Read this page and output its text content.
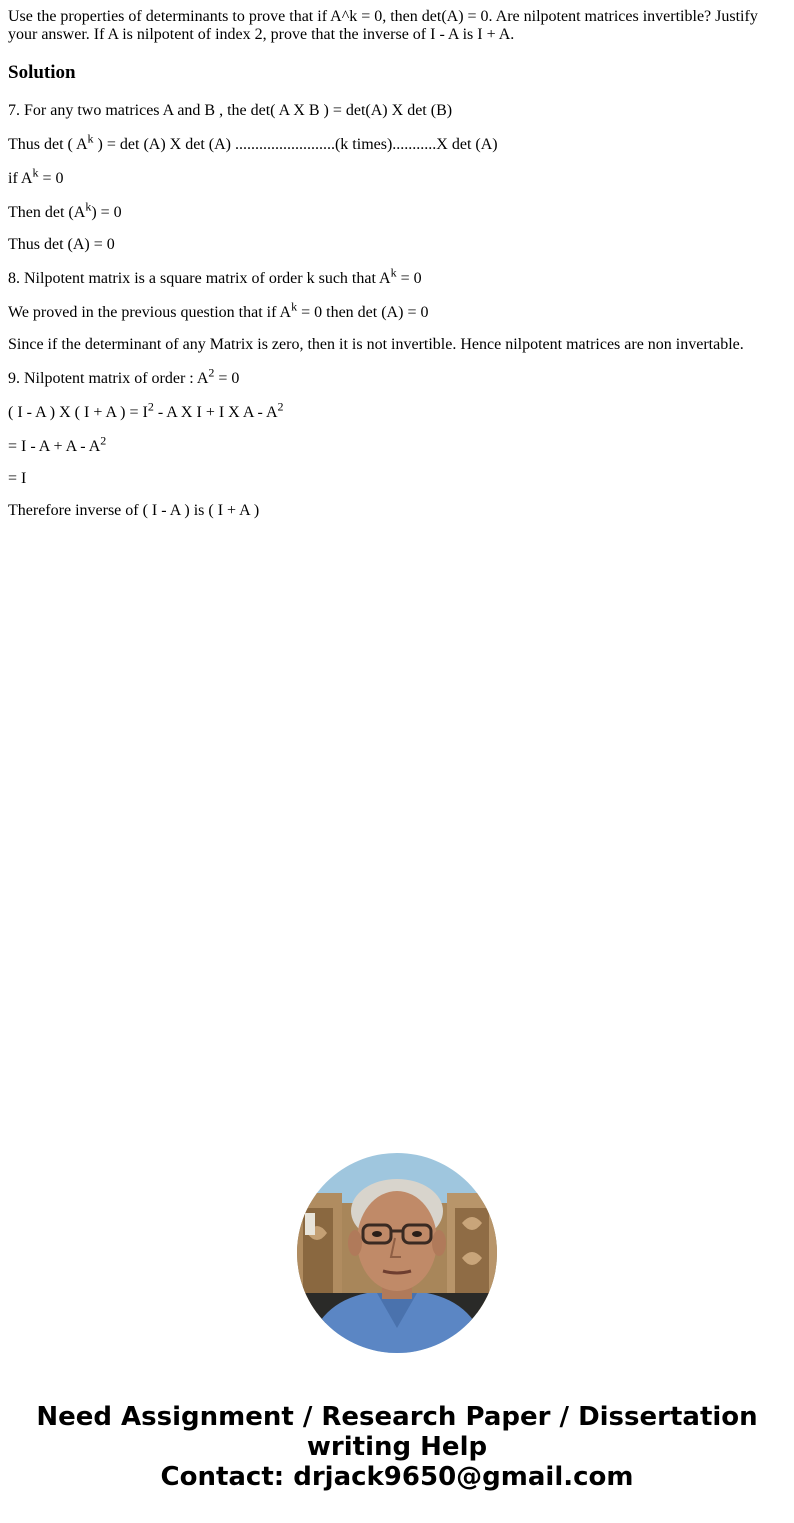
Use the properties of determinants to prove that if A^k = 0, then det(A) = 0. Are nilpotent matrices invertible? Justify your answer. If A is nilpotent of index 2, prove that the inverse of I - A is I + A.

Solution

7. For any two matrices A and B , the det( A X B ) = det(A) X det (B)

Thus det ( $A^k$ ) = det (A) X det (A) .........................(k times)...........X det (A)

if $A^k = 0$

Then $\det (A^k) = 0$

Thus det (A) = 0

8. Nilpotent matrix is a square matrix of order k such that $A^k = 0$

We proved in the previous question that if $A^k = 0$ then det (A) = 0

Since if the determinant of any Matrix is zero, then it is not invertible. Hence nilpotent matrices are non invertable.

9. Nilpotent matrix of order : $A^2 = 0$

( I - A ) X ( I + A ) = $I^2$ - A X I + I X A - $A^2$

= $I - A + A - A^2$

= I

Therefore inverse of ( I - A ) is ( I + A )

Need Assignment / Research Paper / Dissertation
writing Help
Contact: drjack9650@gmail.com
